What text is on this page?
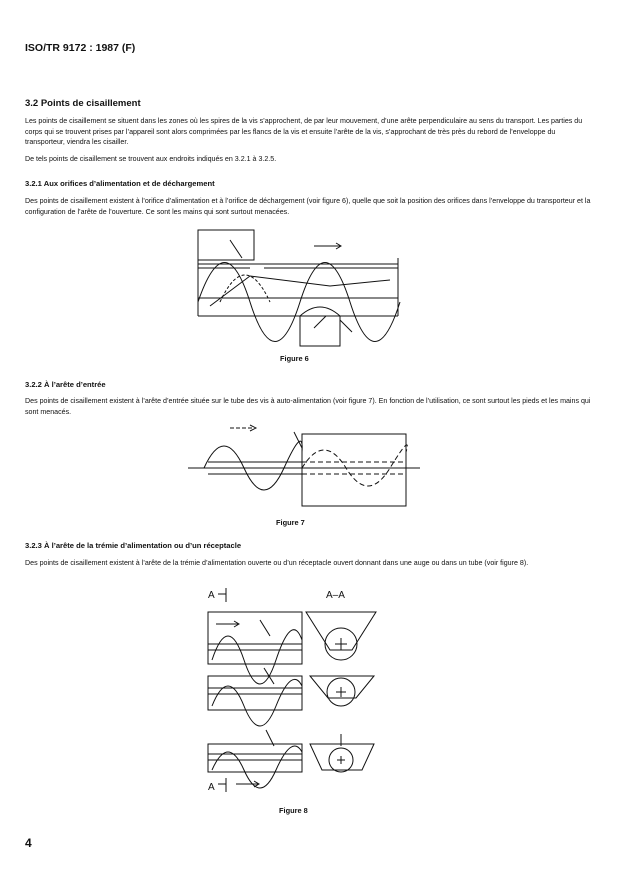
ISO/TR 9172 : 1987 (F)
3.2 Points de cisaillement
Les points de cisaillement se situent dans les zones où les spires de la vis s’approchent, de par leur mouvement, d’une arête perpendiculaire au sens du transport. Les parties du corps qui se trouvent prises par l’appareil sont alors comprimées par les flancs de la vis et ensuite l’arête de la vis, s’approchant de très près du rebord de l’enveloppe du transporteur, viendra les cisailler.
De tels points de cisaillement se trouvent aux endroits indiqués en 3.2.1 à 3.2.5.
3.2.1 Aux orifices d’alimentation et de déchargement
Des points de cisaillement existent à l’orifice d’alimentation et à l’orifice de déchargement (voir figure 6), quelle que soit la position des orifices dans l’enveloppe du transporteur et la configuration de l’arête de l’ouverture. Ce sont les mains qui sont surtout menacées.
Figure 6
3.2.2 À l’arête d’entrée
Des points de cisaillement existent à l’arête d’entrée située sur le tube des vis à auto-alimentation (voir figure 7). En fonction de l’utilisation, ce sont surtout les pieds et les mains qui sont menacés.
Figure 7
3.2.3 À l’arête de la trémie d’alimentation ou d’un réceptacle
Des points de cisaillement existent à l’arête de la trémie d’alimentation ouverte ou d’un réceptacle ouvert donnant dans une auge ou dans un tube (voir figure 8).
A	A–A
A
Figure 8
4
